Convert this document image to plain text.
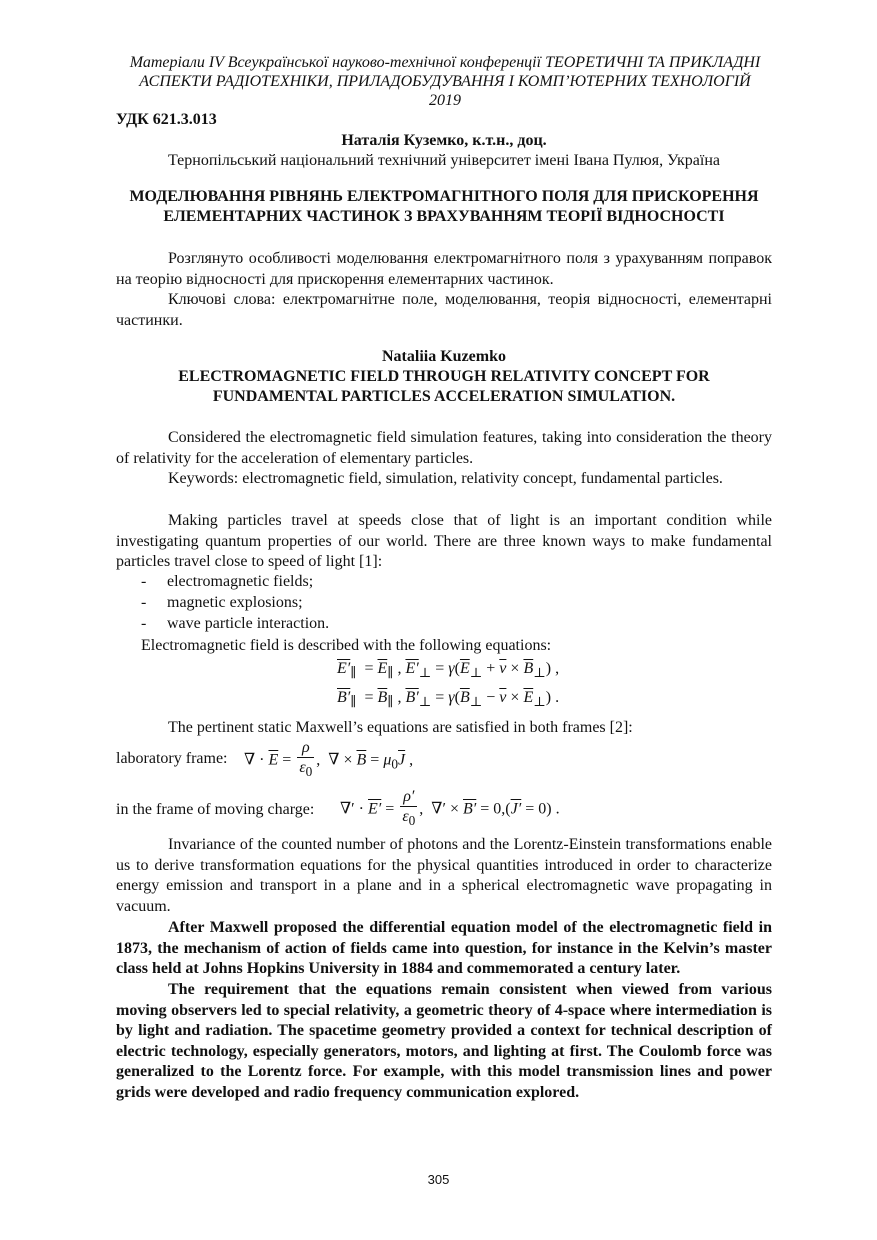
Матеріали IV Всеукраїнської науково-технічної конференції ТЕОРЕТИЧНІ ТА ПРИКЛАДНІ
АСПЕКТИ РАДІОТЕХНІКИ, ПРИЛАДОБУДУВАННЯ І КОМП’ЮТЕРНИХ ТЕХНОЛОГІЙ
2019
УДК 621.3.013
Наталія Куземко, к.т.н., доц.
Тернопільський національний технічний університет імені Івана Пулюя, Україна
МОДЕЛЮВАННЯ РІВНЯНЬ ЕЛЕКТРОМАГНІТНОГО ПОЛЯ ДЛЯ ПРИСКОРЕННЯ ЕЛЕМЕНТАРНИХ ЧАСТИНОК З ВРАХУВАННЯМ ТЕОРІЇ ВІДНОСНОСТІ
Розглянуто особливості моделювання електромагнітного поля з урахуванням поправок на теорію відносності для прискорення елементарних частинок.
Ключові слова: електромагнітне поле, моделювання, теорія відносності, елементарні частинки.
Nataliia Kuzemko
ELECTROMAGNETIC FIELD THROUGH RELATIVITY CONCEPT FOR FUNDAMENTAL PARTICLES ACCELERATION SIMULATION.
Considered the electromagnetic field simulation features, taking into consideration the theory of relativity for the acceleration of elementary particles.
Keywords: electromagnetic field, simulation, relativity concept, fundamental particles.
Making particles travel at speeds close that of light is an important condition while investigating quantum properties of our world. There are three known ways to make fundamental particles travel close to speed of light [1]:
- electromagnetic fields;
- magnetic explosions;
- wave particle interaction.
Electromagnetic field is described with the following equations:
$E'_\parallel = \overline{E}_\parallel$ , $E'_\perp = \gamma(\overline{E}_\perp + \overline{v} \times \overline{B}_\perp)$ ,
$B'_\parallel = \overline{B}_\parallel$ , $B'_\perp = \gamma(\overline{B}_\perp - \overline{v} \times \overline{E}_\perp)$ .
The pertinent static Maxwell’s equations are satisfied in both frames [2]:
laboratory frame: ∇ · $\overline{E} = \frac{\rho}{\varepsilon_0}$ ,  ∇ × $\overline{B} = \mu_0\overline{J}$ ,
in the frame of moving charge: ∇′ · $E' = \frac{\rho'}{\varepsilon_0}$ ,  ∇′ × B′ = 0,(J′ = 0) .
Invariance of the counted number of photons and the Lorentz-Einstein transformations enable us to derive transformation equations for the physical quantities introduced in order to characterize energy emission and transport in a plane and in a spherical electromagnetic wave propagating in vacuum.
After Maxwell proposed the differential equation model of the electromagnetic field in 1873, the mechanism of action of fields came into question, for instance in the Kelvin’s master class held at Johns Hopkins University in 1884 and commemorated a century later.
The requirement that the equations remain consistent when viewed from various moving observers led to special relativity, a geometric theory of 4-space where intermediation is by light and radiation. The spacetime geometry provided a context for technical description of electric technology, especially generators, motors, and lighting at first. The Coulomb force was generalized to the Lorentz force. For example, with this model transmission lines and power grids were developed and radio frequency communication explored.
305
